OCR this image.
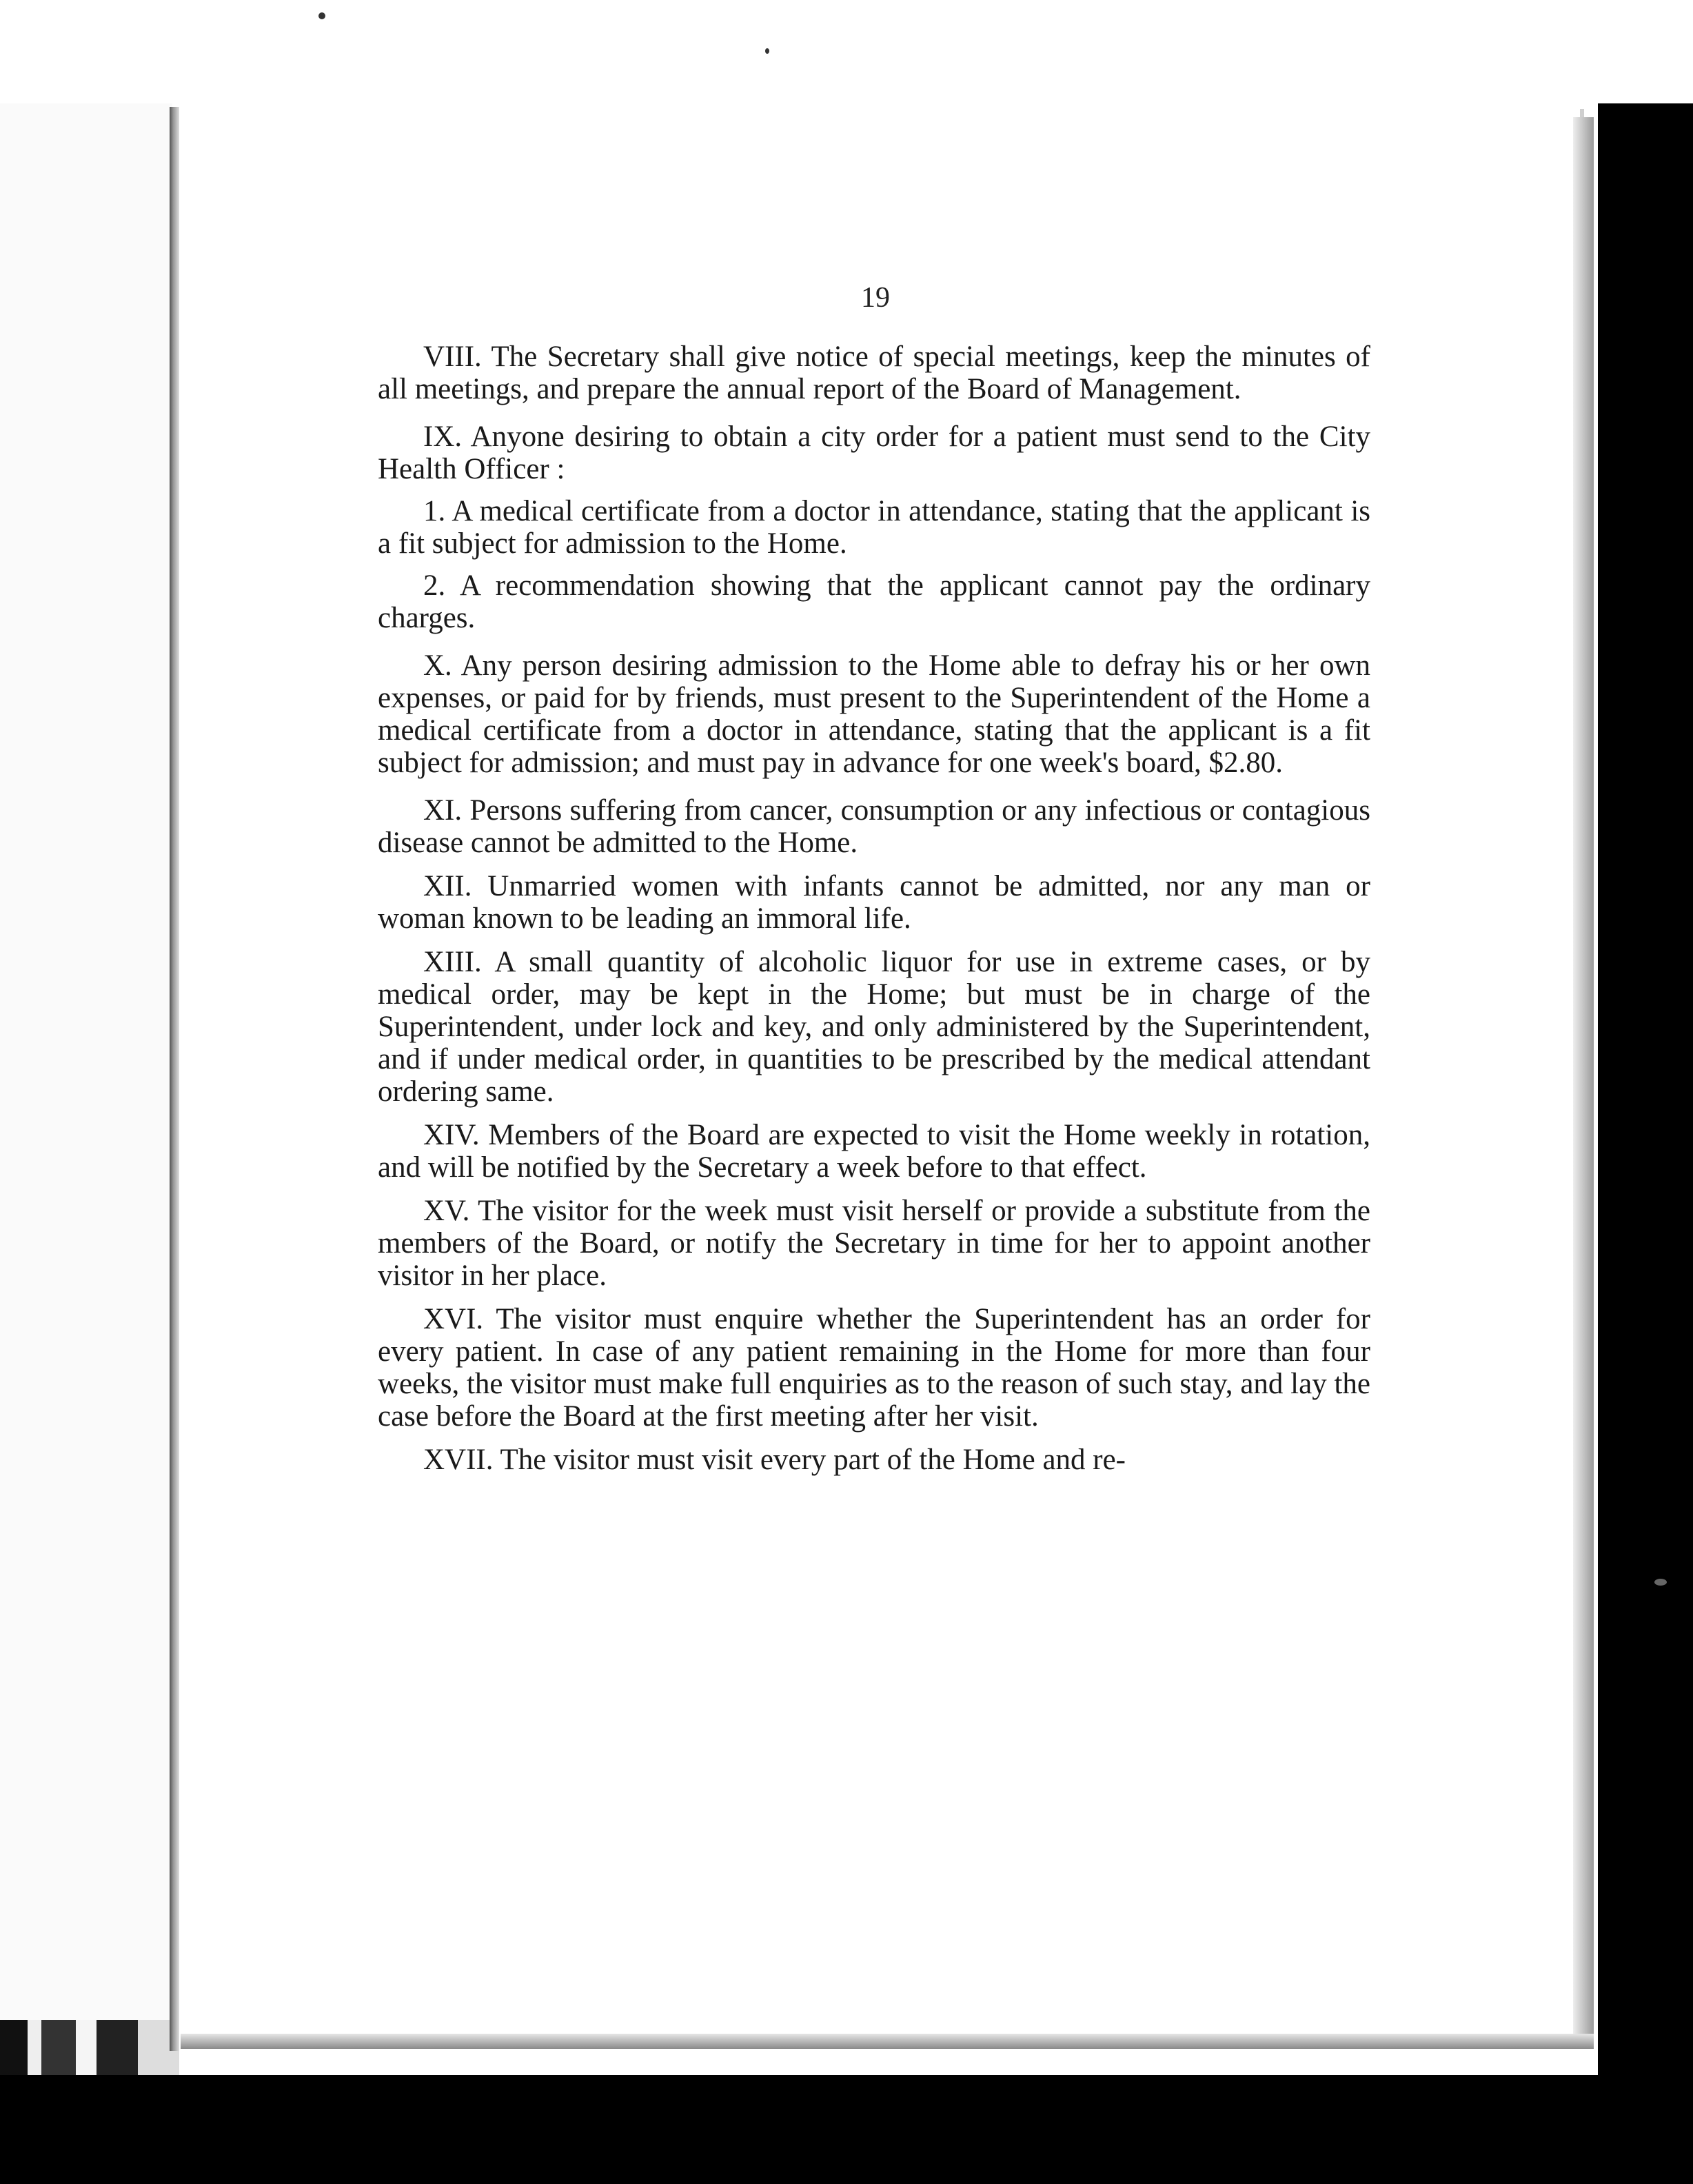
19

VIII. The Secretary shall give notice of special meetings, keep the minutes of all meetings, and prepare the annual report of the Board of Management.

IX. Anyone desiring to obtain a city order for a patient must send to the City Health Officer :

1. A medical certificate from a doctor in attendance, stating that the applicant is a fit subject for admission to the Home.

2. A recommendation showing that the applicant cannot pay the ordinary charges.

X. Any person desiring admission to the Home able to defray his or her own expenses, or paid for by friends, must present to the Superintendent of the Home a medical certificate from a doctor in attendance, stating that the applicant is a fit subject for admission; and must pay in advance for one week's board, $2.80.

XI. Persons suffering from cancer, consumption or any infectious or contagious disease cannot be admitted to the Home.

XII. Unmarried women with infants cannot be admitted, nor any man or woman known to be leading an immoral life.

XIII. A small quantity of alcoholic liquor for use in extreme cases, or by medical order, may be kept in the Home; but must be in charge of the Superintendent, under lock and key, and only administered by the Superintendent, and if under medical order, in quantities to be prescribed by the medical attendant ordering same.

XIV. Members of the Board are expected to visit the Home weekly in rotation, and will be notified by the Secretary a week before to that effect.

XV. The visitor for the week must visit herself or provide a substitute from the members of the Board, or notify the Secretary in time for her to appoint another visitor in her place.

XVI. The visitor must enquire whether the Superintendent has an order for every patient. In case of any patient remaining in the Home for more than four weeks, the visitor must make full enquiries as to the reason of such stay, and lay the case before the Board at the first meeting after her visit.

XVII. The visitor must visit every part of the Home and re-
